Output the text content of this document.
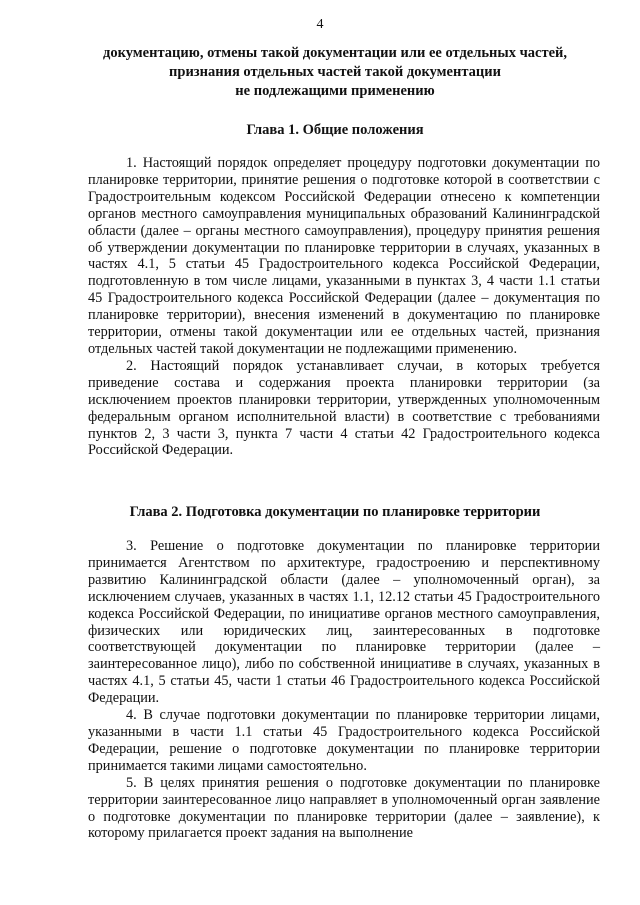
4
документацию, отмены такой документации или ее отдельных частей,
признания отдельных частей такой документации
не подлежащими применению
Глава 1. Общие положения

1. Настоящий порядок определяет процедуру подготовки документации по планировке территории, принятие решения о подготовке которой в соответствии с Градостроительным кодексом Российской Федерации отнесено к компетенции органов местного самоуправления муниципальных образований Калининградской области (далее – органы местного самоуправления), процедуру принятия решения об утверждении документации по планировке территории в случаях, указанных в частях 4.1, 5 статьи 45 Градостроительного кодекса Российской Федерации, подготовленную в том числе лицами, указанными в пунктах 3, 4 части 1.1 статьи 45 Градостроительного кодекса Российской Федерации (далее – документация по планировке территории), внесения изменений в документацию по планировке территории, отмены такой документации или ее отдельных частей, признания отдельных частей такой документации не подлежащими применению.

2. Настоящий порядок устанавливает случаи, в которых требуется приведение состава и содержания проекта планировки территории (за исключением проектов планировки территории, утвержденных уполномоченным федеральным органом исполнительной власти) в соответствие с требованиями пунктов 2, 3 части 3, пункта 7 части 4 статьи 42 Градостроительного кодекса Российской Федерации.

Глава 2. Подготовка документации по планировке территории

3. Решение о подготовке документации по планировке территории принимается Агентством по архитектуре, градостроению и перспективному развитию Калининградской области (далее – уполномоченный орган), за исключением случаев, указанных в частях 1.1, 12.12 статьи 45 Градостроительного кодекса Российской Федерации, по инициативе органов местного самоуправления, физических или юридических лиц, заинтересованных в подготовке соответствующей документации по планировке территории (далее – заинтересованное лицо), либо по собственной инициативе в случаях, указанных в частях 4.1, 5 статьи 45, части 1 статьи 46 Градостроительного кодекса Российской Федерации.

4. В случае подготовки документации по планировке территории лицами, указанными в части 1.1 статьи 45 Градостроительного кодекса Российской Федерации, решение о подготовке документации по планировке территории принимается такими лицами самостоятельно.

5. В целях принятия решения о подготовке документации по планировке территории заинтересованное лицо направляет в уполномоченный орган заявление о подготовке документации по планировке территории (далее – заявление), к которому прилагается проект задания на выполнение
